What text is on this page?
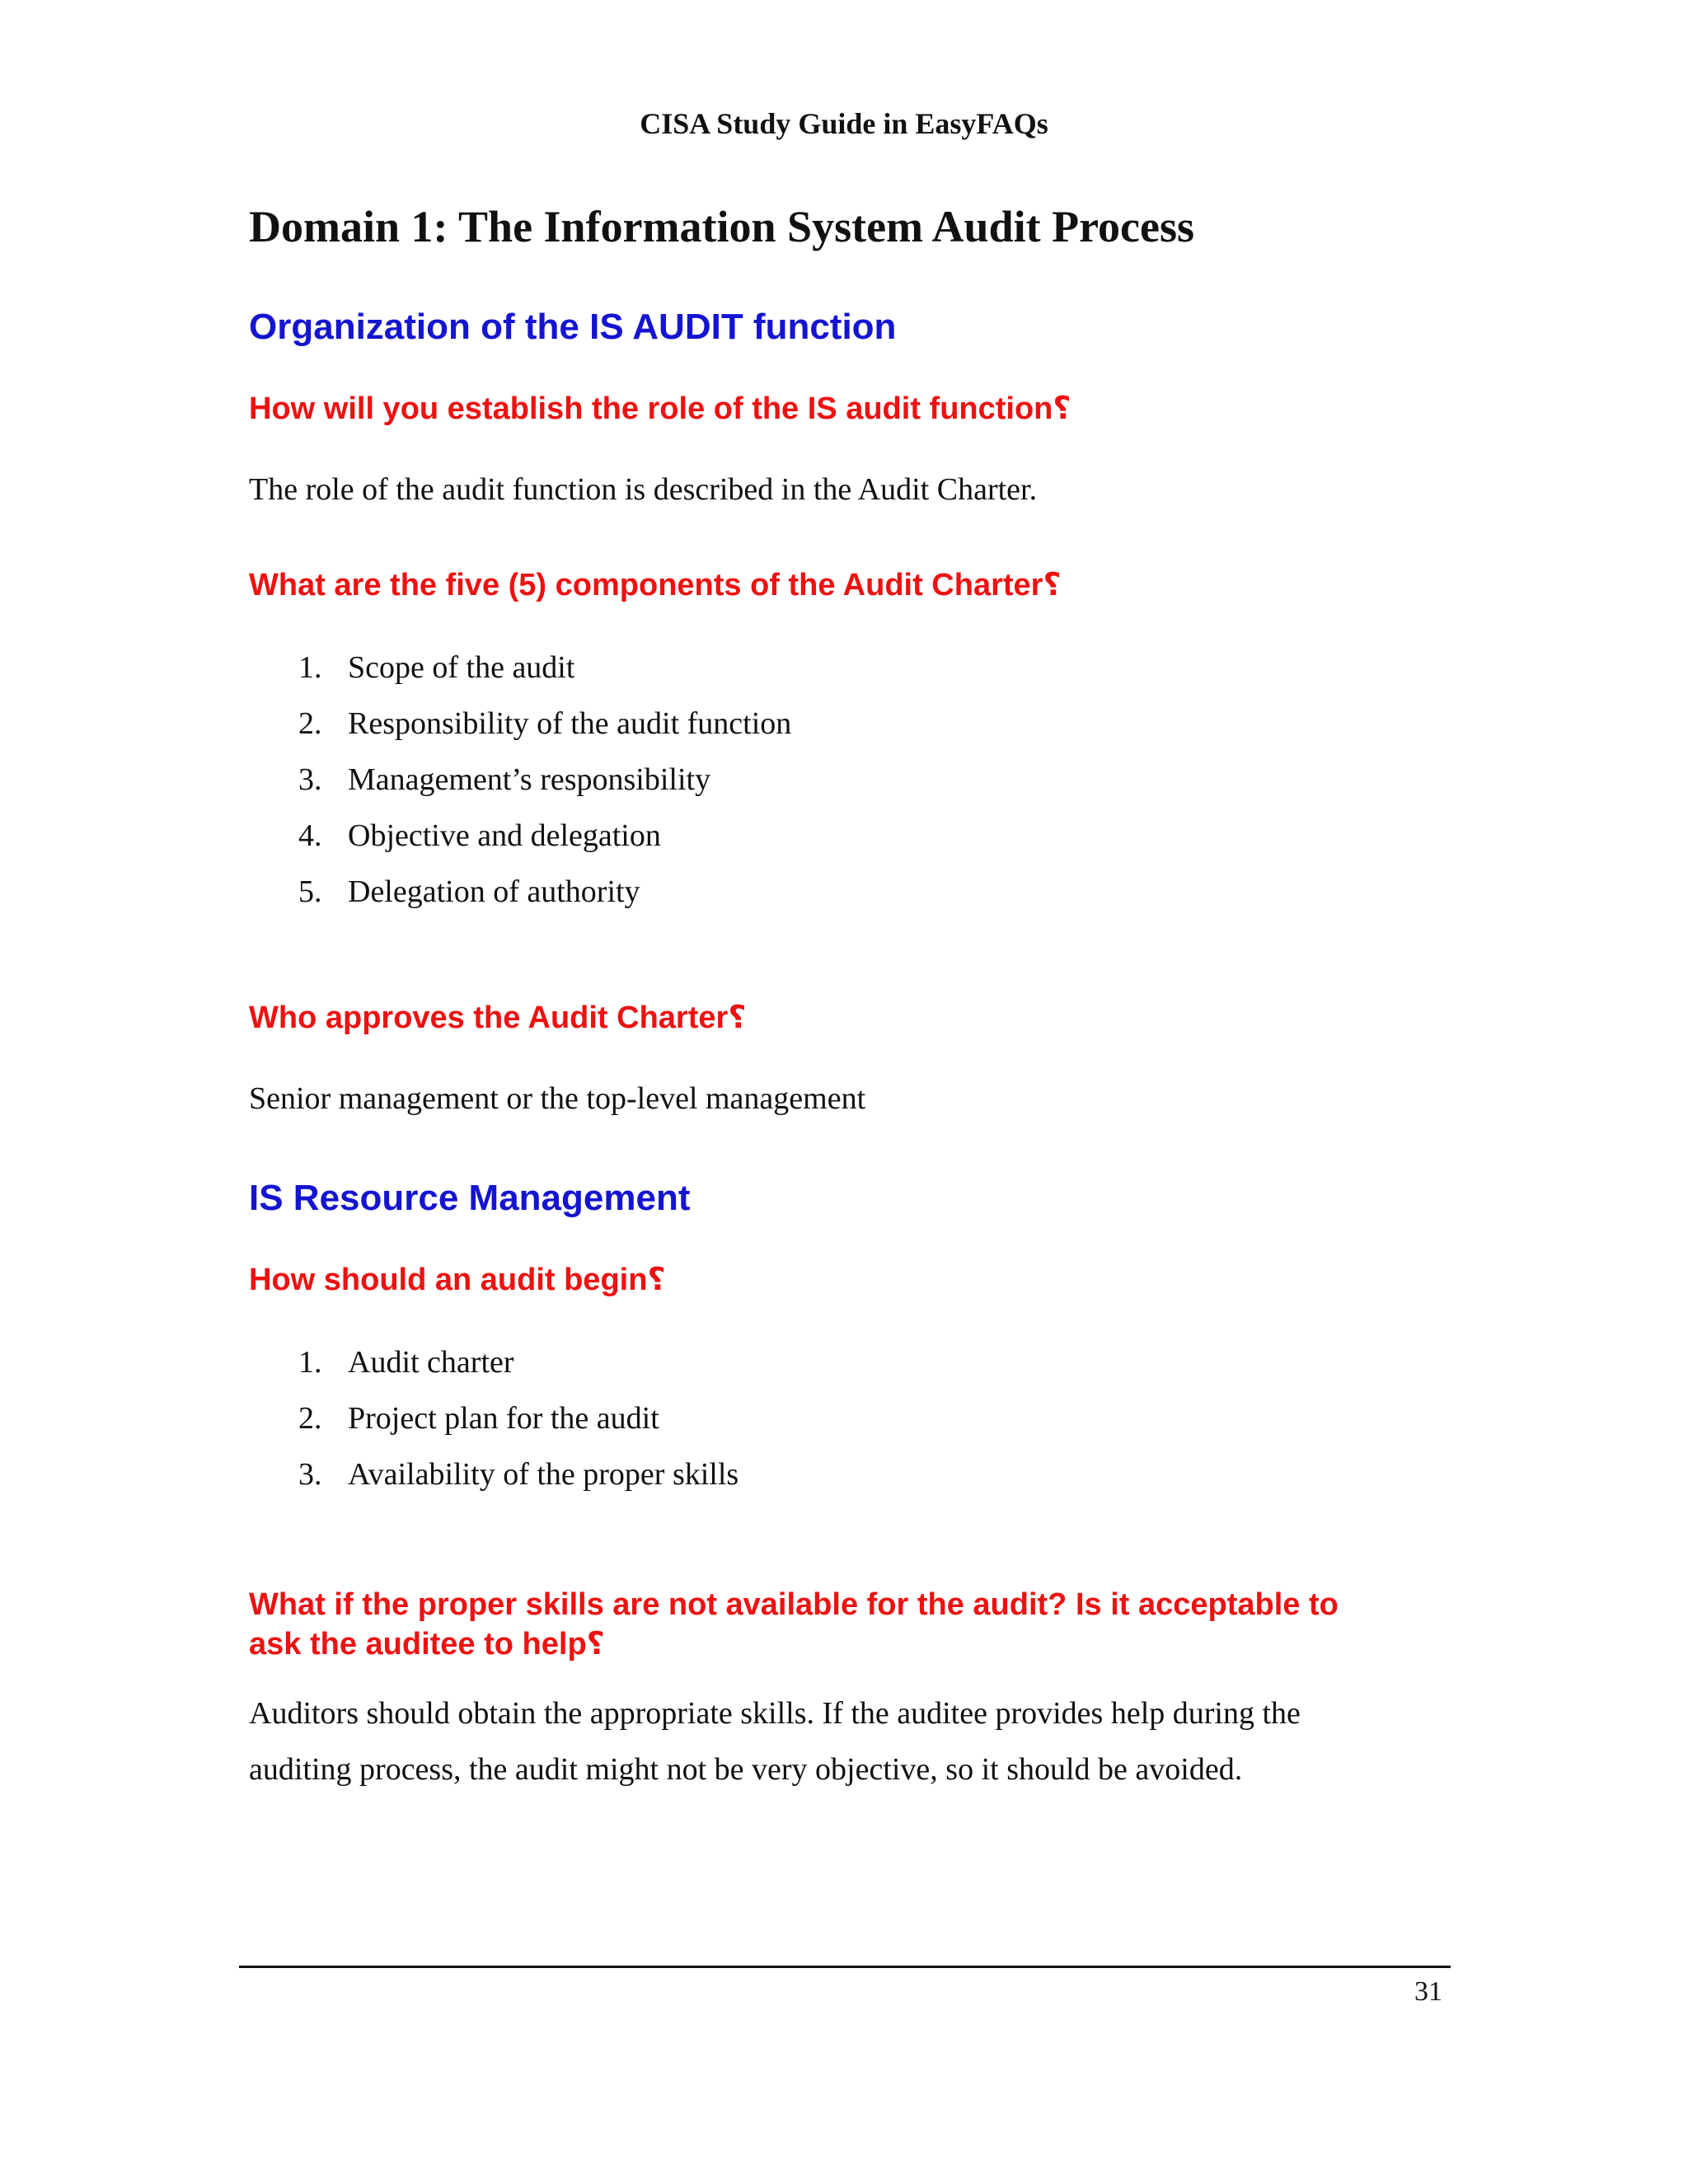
CISA Study Guide in EasyFAQs
Domain 1: The Information System Audit Process
Organization of the IS AUDIT function
How will you establish the role of the IS audit function؟

The role of the audit function is described in the Audit Charter.

What are the five (5) components of the Audit Charter؟
1. Scope of the audit
2. Responsibility of the audit function
3. Management’s responsibility
4. Objective and delegation
5. Delegation of authority
Who approves the Audit Charter؟

Senior management or the top-level management

IS Resource Management
How should an audit begin؟
1. Audit charter
2. Project plan for the audit
3. Availability of the proper skills
What if the proper skills are not available for the audit? Is it acceptable to
ask the auditee to help؟
Auditors should obtain the appropriate skills. If the auditee provides help during the
auditing process, the audit might not be very objective, so it should be avoided.
31
